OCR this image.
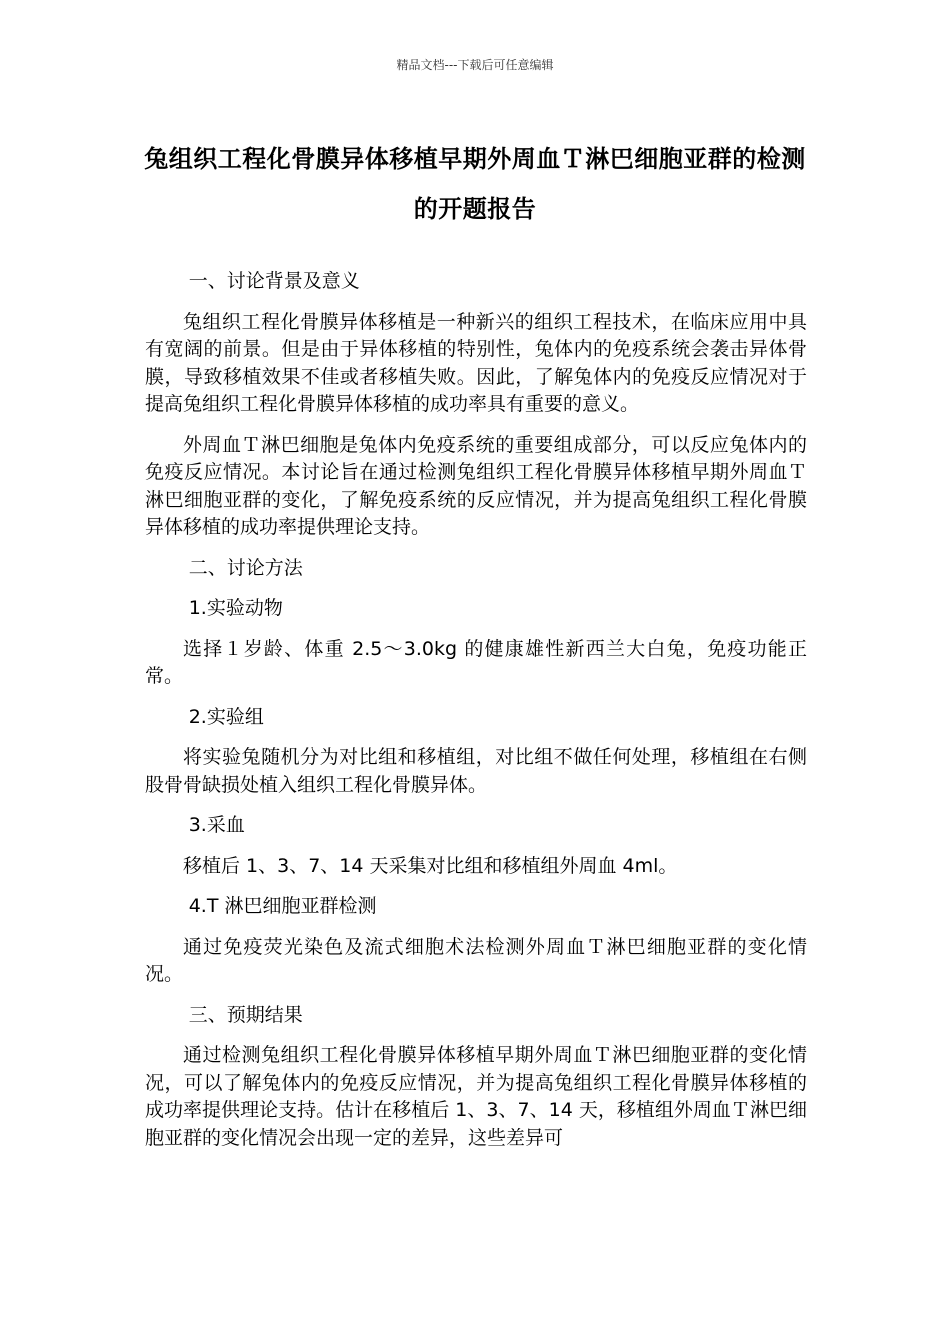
精品文档---下载后可任意编辑
兔组织工程化骨膜异体移植早期外周血Ｔ淋巴细胞亚群的检测的开题报告

一、讨论背景及意义

兔组织工程化骨膜异体移植是一种新兴的组织工程技术，在临床应用中具有宽阔的前景。但是由于异体移植的特别性，兔体内的免疫系统会袭击异体骨膜，导致移植效果不佳或者移植失败。因此，了解兔体内的免疫反应情况对于提高兔组织工程化骨膜异体移植的成功率具有重要的意义。

外周血Ｔ淋巴细胞是兔体内免疫系统的重要组成部分，可以反应兔体内的免疫反应情况。本讨论旨在通过检测兔组织工程化骨膜异体移植早期外周血Ｔ淋巴细胞亚群的变化，了解免疫系统的反应情况，并为提高兔组织工程化骨膜异体移植的成功率提供理论支持。

二、讨论方法

1.实验动物

选择１岁龄、体重 2.5～3.0kg 的健康雄性新西兰大白兔，免疫功能正常。

2.实验组

将实验兔随机分为对比组和移植组，对比组不做任何处理，移植组在右侧股骨骨缺损处植入组织工程化骨膜异体。

3.采血

移植后 1、3、7、14 天采集对比组和移植组外周血 4ml。

4.T 淋巴细胞亚群检测

通过免疫荧光染色及流式细胞术法检测外周血Ｔ淋巴细胞亚群的变化情况。

三、预期结果

通过检测兔组织工程化骨膜异体移植早期外周血Ｔ淋巴细胞亚群的变化情况，可以了解兔体内的免疫反应情况，并为提高兔组织工程化骨膜异体移植的成功率提供理论支持。估计在移植后 1、3、7、14 天，移植组外周血Ｔ淋巴细胞亚群的变化情况会出现一定的差异，这些差异可
